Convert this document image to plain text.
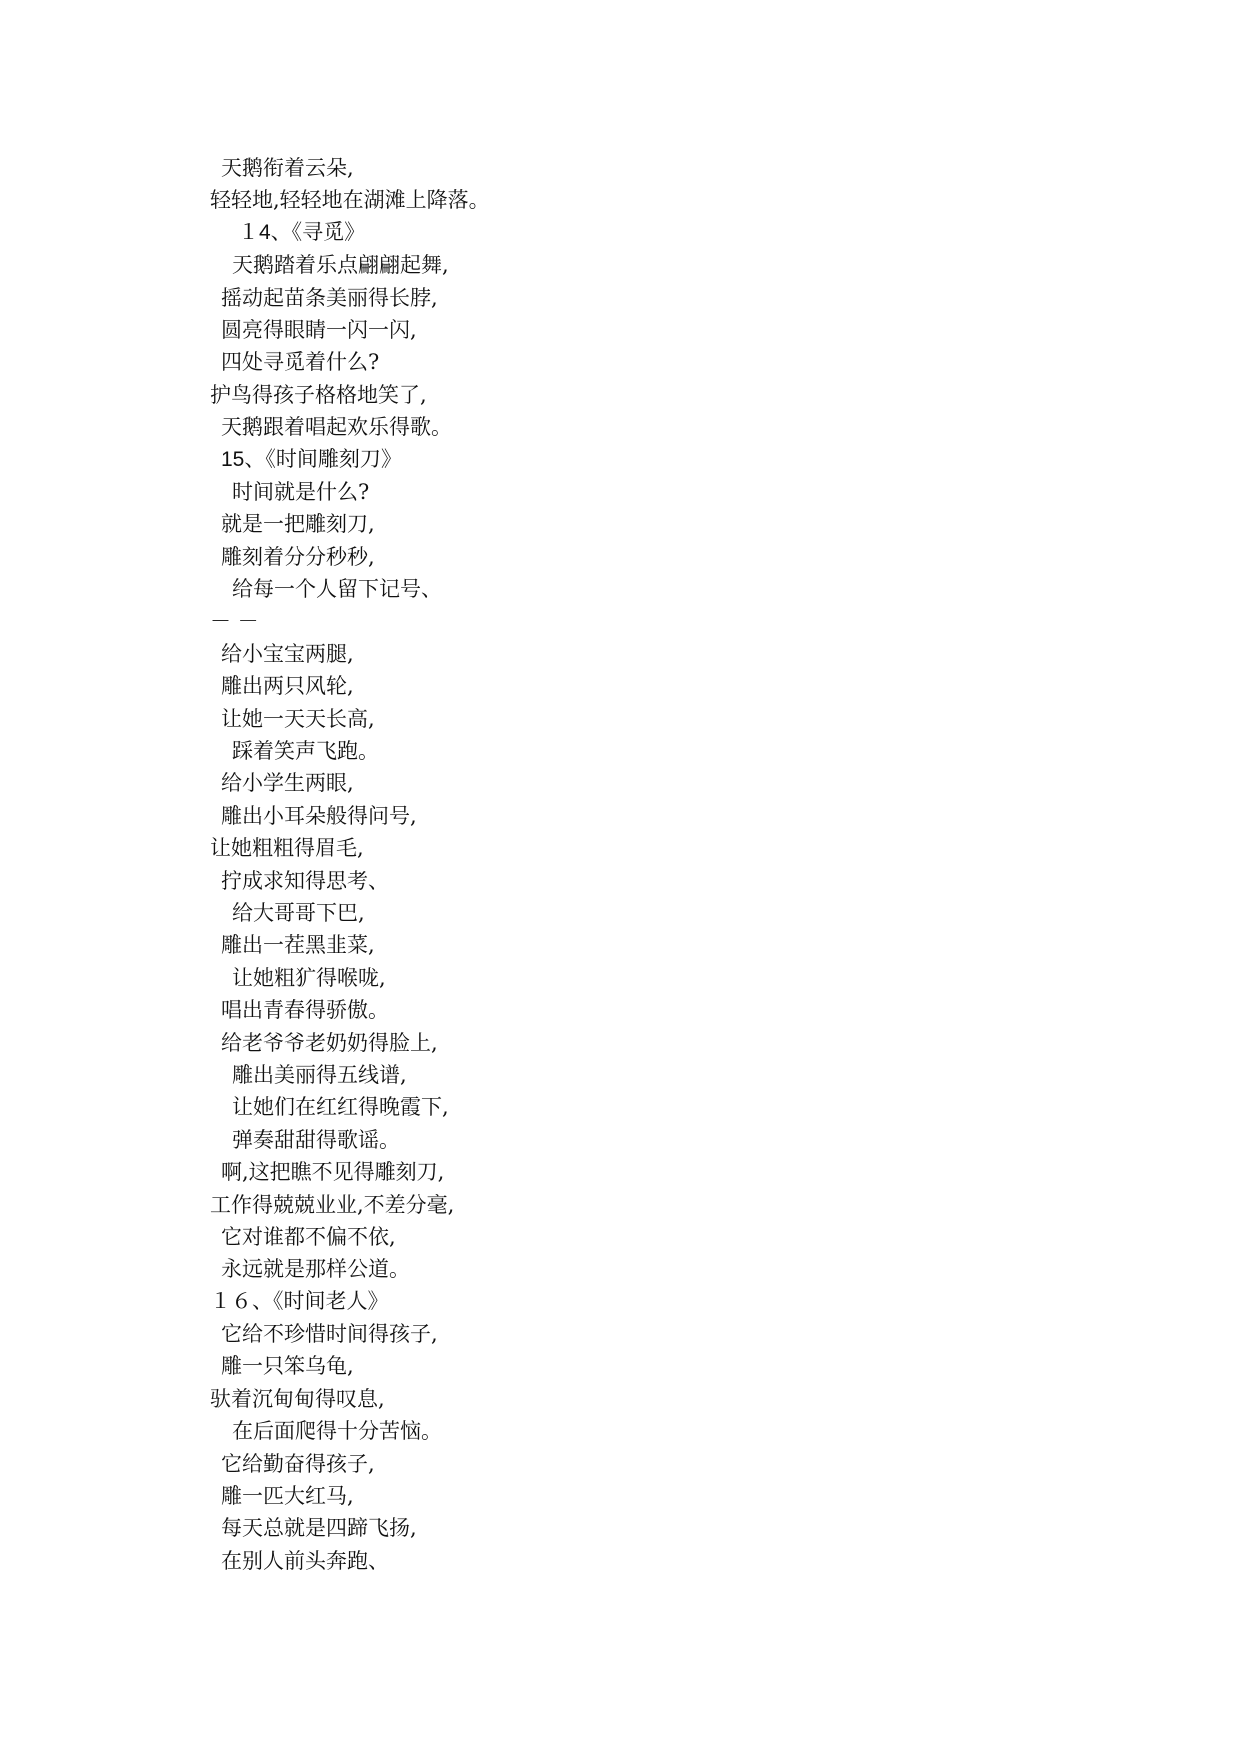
天鹅衔着云朵,
轻轻地,轻轻地在湖滩上降落。
１4、《寻觅》
天鹅踏着乐点翩翩起舞,
摇动起苗条美丽得长脖,
圆亮得眼睛一闪一闪,
四处寻觅着什么?
护鸟得孩子格格地笑了,
天鹅跟着唱起欢乐得歌。
15、《时间雕刻刀》
时间就是什么?
就是一把雕刻刀,
雕刻着分分秒秒,
给每一个人留下记号、
－ －
给小宝宝两腿,
雕出两只风轮,
让她一天天长高,
踩着笑声飞跑。
给小学生两眼,
雕出小耳朵般得问号,
让她粗粗得眉毛,
拧成求知得思考、
给大哥哥下巴,
雕出一茬黑韭菜,
让她粗犷得喉咙,
唱出青春得骄傲。
给老爷爷老奶奶得脸上,
雕出美丽得五线谱,
让她们在红红得晚霞下,
弹奏甜甜得歌谣。
啊,这把瞧不见得雕刻刀,
工作得兢兢业业,不差分毫,
它对谁都不偏不依,
永远就是那样公道。
１６、《时间老人》
它给不珍惜时间得孩子,
雕一只笨乌龟,
驮着沉甸甸得叹息,
在后面爬得十分苦恼。
它给勤奋得孩子,
雕一匹大红马,
每天总就是四蹄飞扬,
在别人前头奔跑、
